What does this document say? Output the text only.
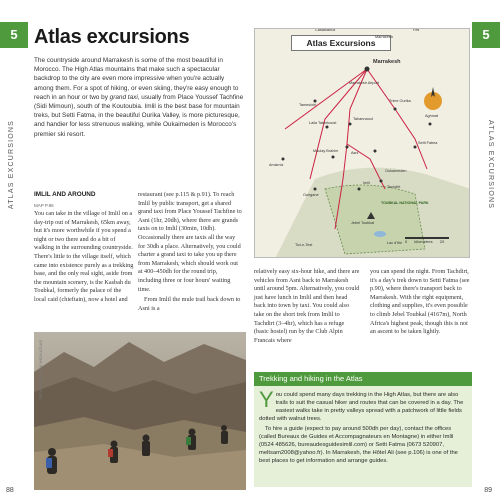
5
ATLAS EXCURSIONS
88
5
ATLAS EXCURSIONS
89
Atlas excursions
The countryside around Marrakesh is some of the most beautiful in Morocco. The High Atlas mountains that make such a spectacular backdrop to the city are even more impressive when you're actually among them. For a spot of hiking, or even skiing, they're easy enough to reach in an hour or two by grand taxi, usually from Place Youssef Tachfine (Sidi Mimoun), south of the Koutoubia. Imlil is the best base for mountain treks, but Setti Fatma, in the beautiful Ourika Valley, is more picturesque, and handier for less strenuous walking, while Oukaimeden is Morocco's premier ski resort.
IMLIL AND AROUND
MAP P.86
You can take in the village of Imlil on a day-trip out of Marrakesh, 65km away, but it's more worthwhile if you spend a night or two there and do a bit of walking in the surrounding countryside. There's little to the village itself, which came into existence purely as a trekking base, and the only real sight, aside from the mountain scenery, is the Kasbah du Toubkal, formerly the palace of the local caid (chieftain), now a hotel and

restaurant (see p.115 & p.91). To reach Imlil by public transport, get a shared grand taxi from Place Youssef Tachfine to Asni (1hr, 20dh), where there are grands taxis on to Imlil (30min, 10dh). Occasionally there are taxis all the way for 30dh a place. Alternatively, you could charter a grand taxi to take you up there from Marrakesh, which should work out at 400–450dh for the round trip, including three or four hours' waiting time.

From Imlil the mule trail back down to Asni is a

relatively easy six-hour hike, and there are vehicles from Asni back to Marrakesh until around 5pm. Alternatively, you could just have lunch in Imlil and then head back into town by taxi. You could also take on the short trek from Imlil to Tachdirt (3–4hr), which has a refuge (basic hostel) run by the Club Alpin Francais where
you can spend the night. From Tachdirt, it's a day's trek down to Setti Fatma (see p.90), where there's transport back to Marrakesh. With the right equipment, clothing and supplies, it's even possible to climb Jebel Toubkal (4167m), North Africa's highest peak, though this is not an ascent to be taken lightly.
TREKKERS IN THE HIGH ATLAS
Atlas Excursions
Casablanca
Marrakesh
Fes
Marrakesh
Marrakesh Airport
Tamesloht
Tnine Ourika
Aghmat
Setti Fatma
Lalla Takerkoust
Tahannaout
Amizmiz
Moulay Brahim	Asni
Oukaimeden
Imlil
Tachdirt
Jebel Toubkal
Lac d'Ifni
Ouirgane
Tizi-n-Test
TOUBKAL NATIONAL PARK
0 kilometres 20
Trekking and hiking in the Atlas

You could spend many days trekking in the High Atlas, but there are also trails to suit the casual hiker and routes that can be covered in a day. The easiest walks take in pretty valleys spread with a patchwork of little fields dotted with walnut trees.

To hire a guide (expect to pay around 500dh per day), contact the offices (called Bureaux de Guides et Accompagnateurs en Montagne) in either Imlil (0524 485626, bureaudesguidesimlil.com) or Setti Fatma (0673 520907, meltsam2008@yahoo.fr). In Marrakesh, the Hôtel Ali (see p.106) is one of the best places to get information and arrange guides.
